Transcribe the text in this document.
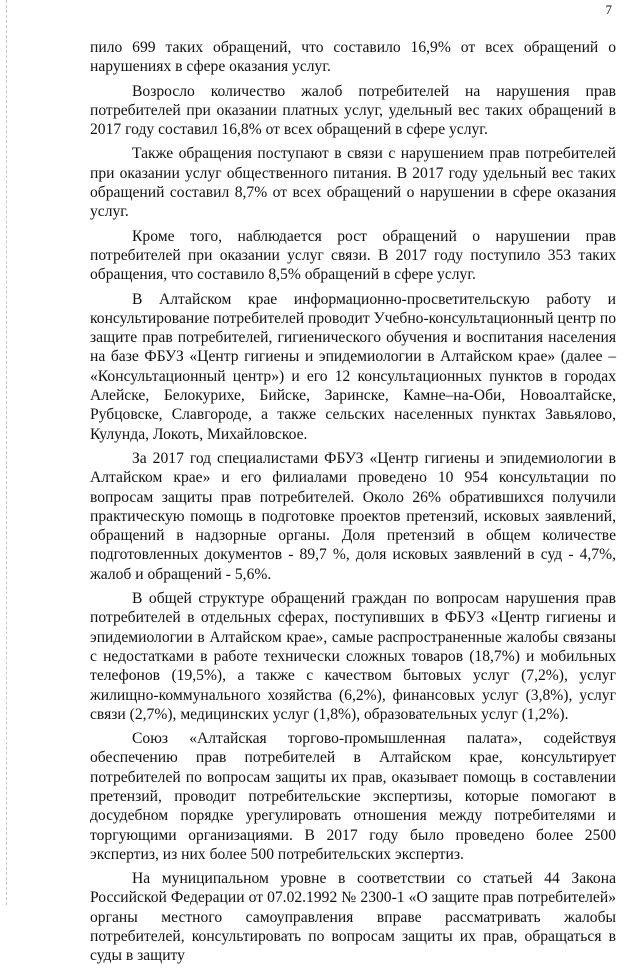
7

пило 699 таких обращений, что составило 16,9% от всех обращений о нарушениях в сфере оказания услуг.

Возросло количество жалоб потребителей на нарушения прав потребителей при оказании платных услуг, удельный вес таких обращений в 2017 году составил 16,8% от всех обращений в сфере услуг.

Также обращения поступают в связи с нарушением прав потребителей при оказании услуг общественного питания. В 2017 году удельный вес таких обращений составил 8,7% от всех обращений о нарушении в сфере оказания услуг.

Кроме того, наблюдается рост обращений о нарушении прав потребителей при оказании услуг связи. В 2017 году поступило 353 таких обращения, что составило 8,5% обращений в сфере услуг.

В Алтайском крае информационно-просветительскую работу и консультирование потребителей проводит Учебно-консультационный центр по защите прав потребителей, гигиенического обучения и воспитания населения на базе ФБУЗ «Центр гигиены и эпидемиологии в Алтайском крае» (далее – «Консультационный центр») и его 12 консультационных пунктов в городах Алейске, Белокурихе, Бийске, Заринске, Камне–на-Оби, Новоалтайске, Рубцовске, Славгороде, а также сельских населенных пунктах Завьялово, Кулунда, Локоть, Михайловское.

За 2017 год специалистами ФБУЗ «Центр гигиены и эпидемиологии в Алтайском крае» и его филиалами проведено 10 954 консультации по вопросам защиты прав потребителей. Около 26% обратившихся получили практическую помощь в подготовке проектов претензий, исковых заявлений, обращений в надзорные органы. Доля претензий в общем количестве подготовленных документов - 89,7 %, доля исковых заявлений в суд - 4,7%, жалоб и обращений - 5,6%.

В общей структуре обращений граждан по вопросам нарушения прав потребителей в отдельных сферах, поступивших в ФБУЗ «Центр гигиены и эпидемиологии в Алтайском крае», самые распространенные жалобы связаны с недостатками в работе технически сложных товаров (18,7%) и мобильных телефонов (19,5%), а также с качеством бытовых услуг (7,2%), услуг жилищно-коммунального хозяйства (6,2%), финансовых услуг (3,8%), услуг связи (2,7%), медицинских услуг (1,8%), образовательных услуг (1,2%).

Союз «Алтайская торгово-промышленная палата», содействуя обеспечению прав потребителей в Алтайском крае, консультирует потребителей по вопросам защиты их прав, оказывает помощь в составлении претензий, проводит потребительские экспертизы, которые помогают в досудебном порядке урегулировать отношения между потребителями и торгующими организациями. В 2017 году было проведено более 2500 экспертиз, из них более 500 потребительских экспертиз.

На муниципальном уровне в соответствии со статьей 44 Закона Российской Федерации от 07.02.1992 № 2300-1 «О защите прав потребителей» органы местного самоуправления вправе рассматривать жалобы потребителей, консультировать по вопросам защиты их прав, обращаться в суды в защиту
